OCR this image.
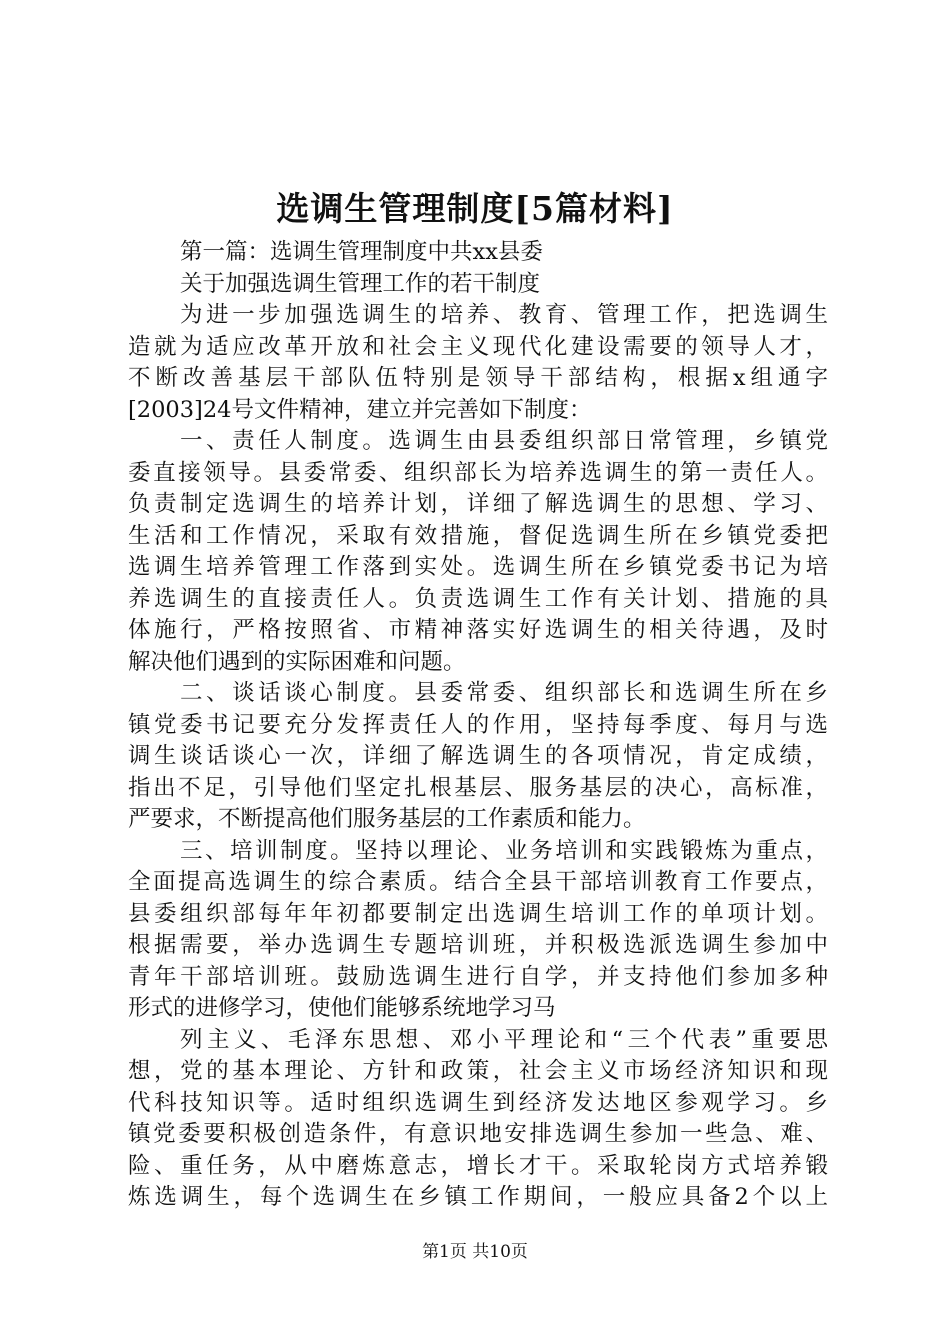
选调生管理制度[5篇材料]
第一篇：选调生管理制度中共xx县委
关于加强选调生管理工作的若干制度
为进一步加强选调生的培养、教育、管理工作，把选调生
造就为适应改革开放和社会主义现代化建设需要的领导人才，
不断改善基层干部队伍特别是领导干部结构，根据x组通字
[2003]24号文件精神，建立并完善如下制度：
一、责任人制度。选调生由县委组织部日常管理，乡镇党
委直接领导。县委常委、组织部长为培养选调生的第一责任人。
负责制定选调生的培养计划，详细了解选调生的思想、学习、
生活和工作情况，采取有效措施，督促选调生所在乡镇党委把
选调生培养管理工作落到实处。选调生所在乡镇党委书记为培
养选调生的直接责任人。负责选调生工作有关计划、措施的具
体施行，严格按照省、市精神落实好选调生的相关待遇，及时
解决他们遇到的实际困难和问题。
二、谈话谈心制度。县委常委、组织部长和选调生所在乡
镇党委书记要充分发挥责任人的作用，坚持每季度、每月与选
调生谈话谈心一次，详细了解选调生的各项情况，肯定成绩，
指出不足，引导他们坚定扎根基层、服务基层的决心，高标准，
严要求，不断提高他们服务基层的工作素质和能力。
三、培训制度。坚持以理论、业务培训和实践锻炼为重点，
全面提高选调生的综合素质。结合全县干部培训教育工作要点，
县委组织部每年年初都要制定出选调生培训工作的单项计划。
根据需要，举办选调生专题培训班，并积极选派选调生参加中
青年干部培训班。鼓励选调生进行自学，并支持他们参加多种
形式的进修学习，使他们能够系统地学习马
列主义、毛泽东思想、邓小平理论和“三个代表”重要思
想，党的基本理论、方针和政策，社会主义市场经济知识和现
代科技知识等。适时组织选调生到经济发达地区参观学习。乡
镇党委要积极创造条件，有意识地安排选调生参加一些急、难、
险、重任务，从中磨炼意志，增长才干。采取轮岗方式培养锻
炼选调生，每个选调生在乡镇工作期间，一般应具备2个以上
第1页 共10页
